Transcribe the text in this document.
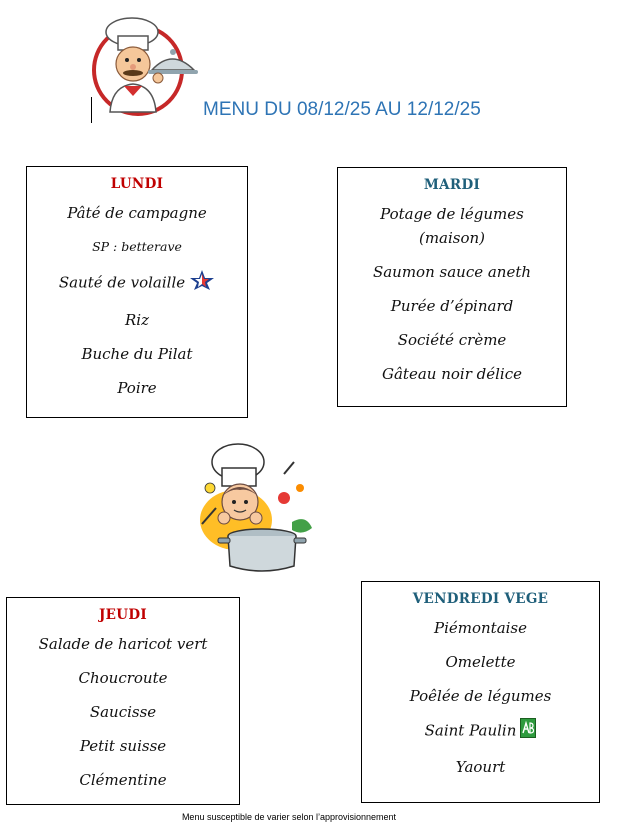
MENU DU 08/12/25 AU 12/12/25
LUNDI
Pâté de campagne
SP : betterave
Sauté de volaille
Riz
Buche du Pilat
Poire
MARDI
Potage de légumes (maison)
Saumon sauce aneth
Purée d’épinard
Société crème
Gâteau noir délice
JEUDI
Salade de haricot vert
Choucroute
Saucisse
Petit suisse
Clémentine
VENDREDI VEGE
Piémontaise
Omelette
Poêlée de légumes
Saint Paulin
Yaourt
Menu susceptible de varier selon l’approvisionnement
